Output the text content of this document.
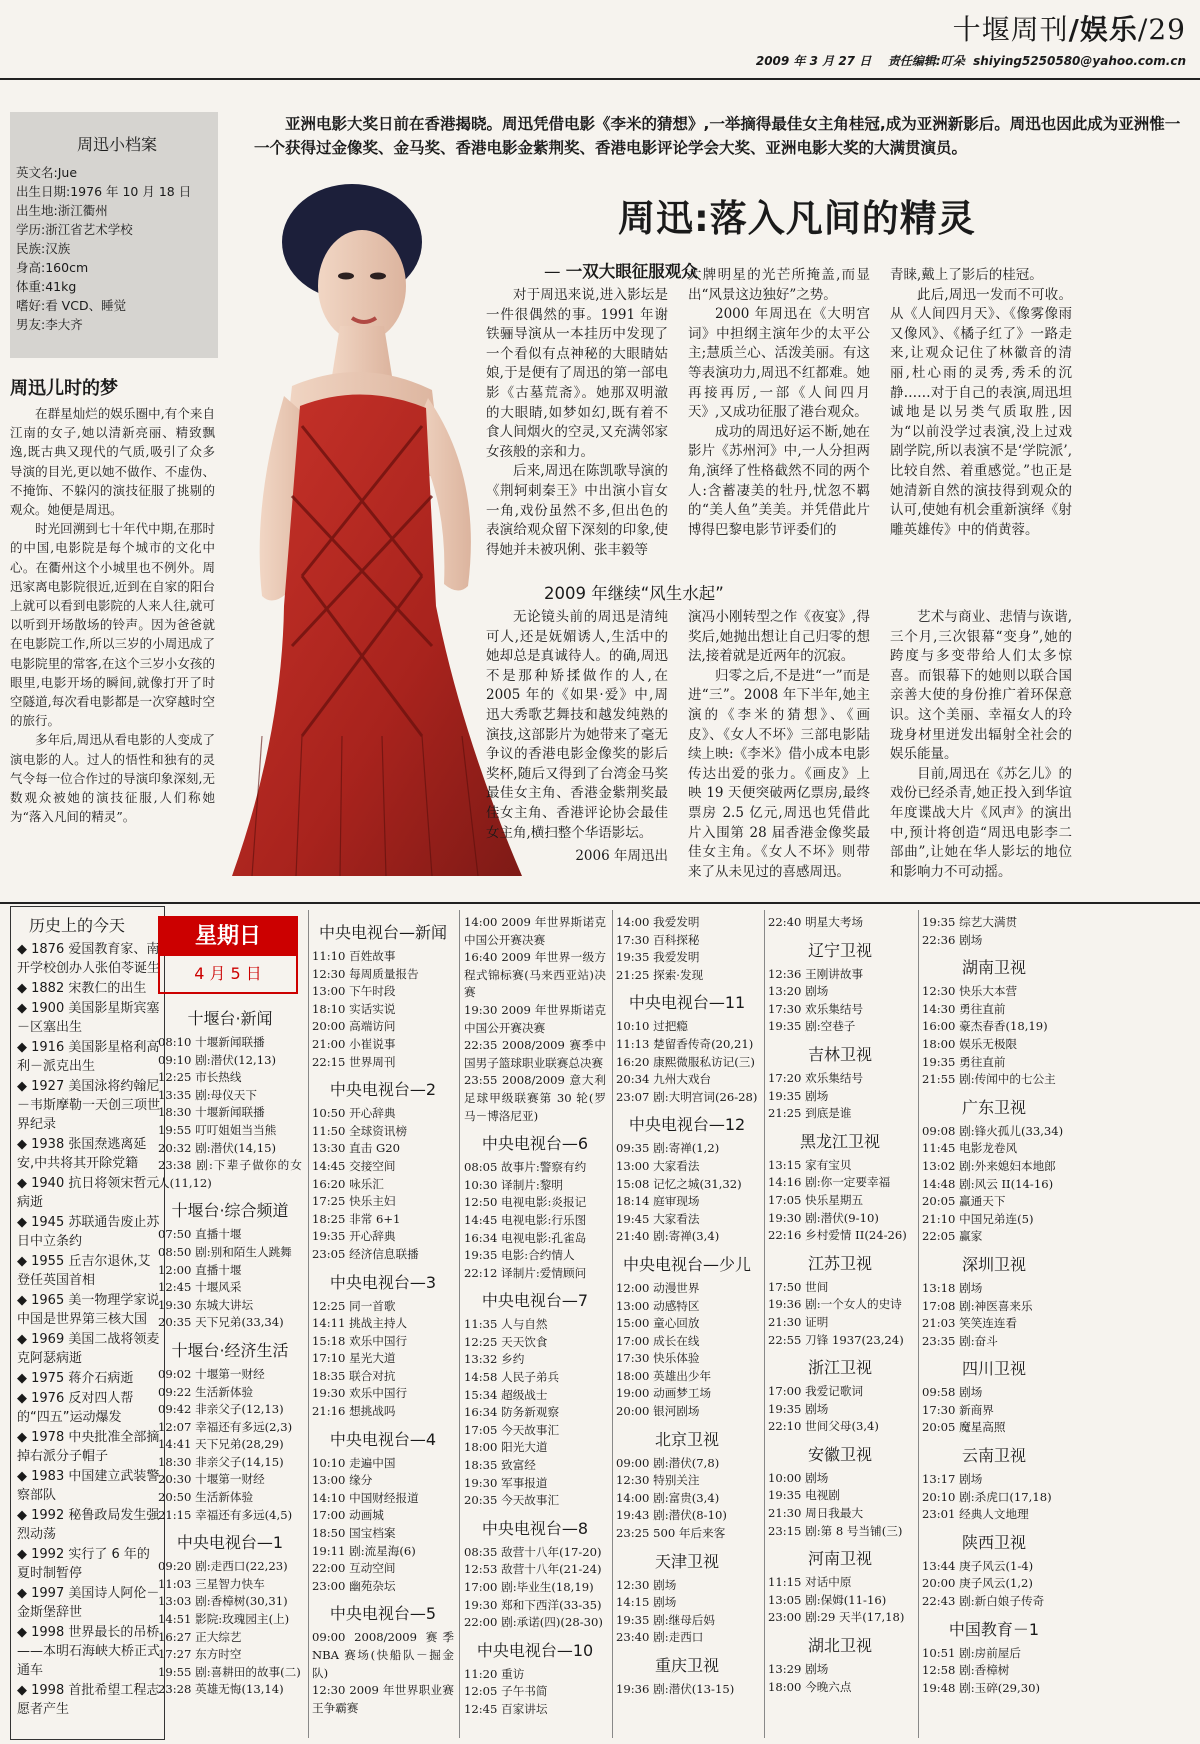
十堰周刊/娱乐/29
2009 年 3 月 27 日 责任编辑:叮朵 shiying5250580@yahoo.com.cn
周迅小档案
英文名:Jue
出生日期:1976 年 10 月 18 日
出生地:浙江衢州
学历:浙江省艺术学校
民族:汉族
身高:160cm
体重:41kg
嗜好:看 VCD、睡觉
男友:李大齐
周迅儿时的梦

在群星灿烂的娱乐圈中,有个来自江南的女子,她以清新亮丽、精致飘逸,既古典又现代的气质,吸引了众多导演的目光,更以她不做作、不虚伪、不掩饰、不躲闪的演技征服了挑剔的观众。她便是周迅。

时光回溯到七十年代中期,在那时的中国,电影院是每个城市的文化中心。在衢州这个小城里也不例外。周迅家离电影院很近,近到在自家的阳台上就可以看到电影院的人来人往,就可以听到开场散场的铃声。因为爸爸就在电影院工作,所以三岁的小周迅成了电影院里的常客,在这个三岁小女孩的眼里,电影开场的瞬间,就像打开了时空隧道,每次看电影都是一次穿越时空的旅行。

多年后,周迅从看电影的人变成了演电影的人。过人的悟性和独有的灵气令每一位合作过的导演印象深刻,无数观众被她的演技征服,人们称她为“落入凡间的精灵”。

亚洲电影大奖日前在香港揭晓。周迅凭借电影《李米的猜想》,一举摘得最佳女主角桂冠,成为亚洲新影后。周迅也因此成为亚洲惟一一个获得过金像奖、金马奖、香港电影金紫荆奖、香港电影评论学会大奖、亚洲电影大奖的大满贯演员。
周迅:落入凡间的精灵
— 一双大眼征服观众

对于周迅来说,进入影坛是一件很偶然的事。1991 年谢铁骊导演从一本挂历中发现了一个看似有点神秘的大眼睛姑娘,于是便有了周迅的第一部电影《古墓荒斋》。她那双明澈的大眼睛,如梦如幻,既有着不食人间烟火的空灵,又充满邻家女孩般的亲和力。

后来,周迅在陈凯歌导演的《荆轲刺秦王》中出演小盲女一角,戏份虽然不多,但出色的表演给观众留下深刻的印象,使得她并未被巩俐、张丰毅等

大牌明星的光芒所掩盖,而显出“风景这边独好”之势。

2000 年周迅在《大明宫词》中担纲主演年少的太平公主;慧质兰心、活泼美丽。有这等表演功力,周迅不红都难。她再接再厉,一部《人间四月天》,又成功征服了港台观众。

成功的周迅好运不断,她在影片《苏州河》中,一人分担两角,演绎了性格截然不同的两个人:含蓄凄美的牡丹,忧忽不羁的“美人鱼”美美。并凭借此片博得巴黎电影节评委们的

青睐,戴上了影后的桂冠。

此后,周迅一发而不可收。从《人间四月天》、《像雾像雨又像风》、《橘子红了》一路走来,让观众记住了林徽音的清丽,杜心雨的灵秀,秀禾的沉静……对于自己的表演,周迅坦诚地是以另类气质取胜,因为“以前没学过表演,没上过戏剧学院,所以表演不是‘学院派’,比较自然、着重感觉。”也正是她清新自然的演技得到观众的认可,使她有机会重新演绎《射雕英雄传》中的俏黄蓉。

2009 年继续“风生水起”

无论镜头前的周迅是清纯可人,还是妩媚诱人,生活中的她却总是真诚待人。的确,周迅不是那种矫揉做作的人,在 2005 年的《如果·爱》中,周迅大秀歌艺舞技和越发纯熟的演技,这部影片为她带来了毫无争议的香港电影金像奖的影后奖杯,随后又得到了台湾金马奖最佳女主角、香港金紫荆奖最佳女主角、香港评论协会最佳女主角,横扫整个华语影坛。

2006 年周迅出

演冯小刚转型之作《夜宴》,得奖后,她抛出想让自己归零的想法,接着就是近两年的沉寂。

归零之后,不是进“一”而是进“三”。2008 年下半年,她主演的《李米的猜想》、《画皮》、《女人不坏》三部电影陆续上映:《李米》借小成本电影传达出爱的张力。《画皮》上映 19 天便突破两亿票房,最终票房 2.5 亿元,周迅也凭借此片入围第 28 届香港金像奖最佳女主角。《女人不坏》则带来了从未见过的喜感周迅。

艺术与商业、悲情与诙谐,三个月,三次银幕“变身”,她的跨度与多变带给人们太多惊喜。而银幕下的她则以联合国亲善大使的身份推广着环保意识。这个美丽、幸福女人的玲珑身材里迸发出辐射全社会的娱乐能量。

目前,周迅在《苏乞儿》的戏份已经杀青,她正投入到华谊年度谍战大片《风声》的演出中,预计将创造“周迅电影李二部曲”,让她在华人影坛的地位和影响力不可动摇。

历史上的今天
◆ 1876 爱国教育家、南开学校创办人张伯苓诞生
◆ 1882 宋教仁的出生
◆ 1900 美国影星斯宾塞－区塞出生
◆ 1916 美国影星格利高利－派克出生
◆ 1927 美国泳将约翰尼－韦斯摩勒一天创三项世界纪录
◆ 1938 张国焘逃离延安,中共将其开除党籍
◆ 1940 抗日将领宋哲元病逝
◆ 1945 苏联通告废止苏日中立条约
◆ 1955 丘吉尔退休,艾登任英国首相
◆ 1965 美一物理学家说中国是世界第三核大国
◆ 1969 美国二战将领麦克阿瑟病逝
◆ 1975 蒋介石病逝
◆ 1976 反对四人帮的“四五”运动爆发
◆ 1978 中央批准全部摘掉右派分子帽子
◆ 1983 中国建立武装警察部队
◆ 1992 秘鲁政局发生强烈动荡
◆ 1992 实行了 6 年的夏时制暂停
◆ 1997 美国诗人阿伦－金斯堡辞世
◆ 1998 世界最长的吊桥——本明石海峡大桥正式通车
◆ 1998 首批希望工程志愿者产生
星期日
4 月 5 日
十堰台·新闻
08:10 十堰新闻联播
09:10 剧:潜伏(12,13)
12:25 市长热线
13:35 剧:母仪天下
18:30 十堰新闻联播
19:55 叮叮姐姐当当熊
20:32 剧:潜伏(14,15)
23:38 剧:下辈子做你的女人(11,12)
十堰台·综合频道
07:50 直播十堰
08:50 剧:别和陌生人跳舞
12:00 直播十堰
12:45 十堰风采
19:30 东城大讲坛
20:35 天下兄弟(33,34)
十堰台·经济生活
09:02 十堰第一财经
09:22 生活新体验
09:42 非亲父子(12,13)
12:07 幸福还有多远(2,3)
14:41 天下兄弟(28,29)
18:30 非亲父子(14,15)
20:30 十堰第一财经
20:50 生活新体验
21:15 幸福还有多远(4,5)
中央电视台—1
09:20 剧:走西口(22,23)
11:03 三星智力快车
13:03 剧:香樟树(30,31)
14:51 影院:玫瑰园主(上)
16:27 正大综艺
17:27 东方时空
19:55 剧:喜耕田的故事(二)
23:28 英雄无悔(13,14)
中央电视台—新闻
11:10 百姓故事
12:30 每周质量报告
13:00 下午时段
18:10 实话实说
20:00 高端访问
21:00 小崔说事
22:15 世界周刊
中央电视台—2
10:50 开心辞典
11:50 全球资讯榜
13:30 直击 G20
14:45 交接空间
16:20 咏乐汇
17:25 快乐主妇
18:25 非常 6+1
19:35 开心辞典
23:05 经济信息联播
中央电视台—3
12:25 同一首歌
14:11 挑战主持人
15:18 欢乐中国行
17:10 星光大道
18:35 联合对抗
19:30 欢乐中国行
21:16 想挑战吗
中央电视台—4
10:10 走遍中国
13:00 缘分
14:10 中国财经报道
17:00 动画城
18:50 国宝档案
19:11 剧:流星海(6)
22:00 互动空间
23:00 幽苑杂坛
中央电视台—5
09:00 2008/2009 赛季 NBA 赛场(快船队－掘金队)
12:30 2009 年世界职业赛王争霸赛
14:00 2009 年世界斯诺克中国公开赛决赛
16:40 2009 年世界一级方程式锦标赛(马来西亚站)决赛
19:30 2009 年世界斯诺克中国公开赛决赛
22:35 2008/2009 赛季中国男子篮球职业联赛总决赛
23:55 2008/2009 意大利足球甲级联赛第 30 轮(罗马－博洛尼亚)
中央电视台—6
08:05 故事片:警察有约
10:30 译制片:黎明
12:50 电视电影:炎报记
14:45 电视电影:行乐图
16:34 电视电影:孔雀岛
19:35 电影:合约情人
22:12 译制片:爱情顾问
中央电视台—7
11:35 人与自然
12:25 天天饮食
13:32 乡约
14:58 人民子弟兵
15:34 超级战士
16:34 防务新观察
17:05 今天故事汇
18:00 阳光大道
18:35 致富经
19:30 军事报道
20:35 今天故事汇
中央电视台—8
08:35 敌营十八年(17-20)
12:53 敌营十八年(21-24)
17:00 剧:毕业生(18,19)
19:30 郑和下西洋(33-35)
22:00 剧:承诺(四)(28-30)
中央电视台—10
11:20 重访
12:05 子午书简
12:45 百家讲坛
14:00 我爱发明
17:30 百科探秘
19:35 我爱发明
21:25 探索·发现
中央电视台—11
10:10 过把瘾
11:13 楚留香传奇(20,21)
16:20 康熙微服私访记(三)
20:34 九州大戏台
23:07 剧:大明宫词(26-28)
中央电视台—12
09:35 剧:寄禅(1,2)
13:00 大家看法
15:08 记忆之城(31,32)
18:14 庭审现场
19:45 大家看法
21:40 剧:寄禅(3,4)
中央电视台—少儿
12:00 动漫世界
13:00 动感特区
15:00 童心回放
17:00 成长在线
17:30 快乐体验
18:00 英雄出少年
19:00 动画梦工场
20:00 银河剧场
北京卫视
09:00 剧:潜伏(7,8)
12:30 特别关注
14:00 剧:富贵(3,4)
19:43 剧:潜伏(8-10)
23:25 500 年后来客
天津卫视
12:30 剧场
14:15 剧场
19:35 剧:继母后妈
23:40 剧:走西口
重庆卫视
19:36 剧:潜伏(13-15)
22:40 明星大考场
辽宁卫视
12:36 王刚讲故事
13:20 剧场
17:30 欢乐集结号
19:35 剧:空巷子
吉林卫视
17:20 欢乐集结号
19:35 剧场
21:25 到底是谁
黑龙江卫视
13:15 家有宝贝
14:16 剧:你一定要幸福
17:05 快乐星期五
19:30 剧:潜伏(9-10)
22:16 乡村爱情 II(24-26)
江苏卫视
17:50 世间
19:36 剧:一个女人的史诗
21:30 证明
22:55 刀锋 1937(23,24)
浙江卫视
17:00 我爱记歌词
19:35 剧场
22:10 世间父母(3,4)
安徽卫视
10:00 剧场
19:35 电视剧
21:30 周日我最大
23:15 剧:第 8 号当铺(三)
河南卫视
11:15 对话中原
13:05 剧:保姆(11-16)
23:00 剧:29 天半(17,18)
湖北卫视
13:29 剧场
18:00 今晚六点
19:35 综艺大满贯
22:36 剧场
湖南卫视
12:30 快乐大本营
14:30 勇往直前
16:00 豪杰春香(18,19)
18:00 娱乐无极限
19:35 勇往直前
21:55 剧:传闻中的七公主
广东卫视
09:08 剧:锋火孤儿(33,34)
11:45 电影龙卷风
13:02 剧:外来媳妇本地郎
14:48 剧:风云 II(14-16)
20:05 赢通天下
21:10 中国兄弟连(5)
22:05 赢家
深圳卫视
13:18 剧场
17:08 剧:神医喜来乐
21:03 笑笑连连看
23:35 剧:奋斗
四川卫视
09:58 剧场
17:30 新商界
20:05 魔星高照
云南卫视
13:17 剧场
20:10 剧:杀虎口(17,18)
23:01 经典人文地理
陕西卫视
13:44 庚子风云(1-4)
20:00 庚子风云(1,2)
22:43 剧:新白娘子传奇
中国教育－1
10:51 剧:房前屋后
12:58 剧:香樟树
19:48 剧:玉碎(29,30)
